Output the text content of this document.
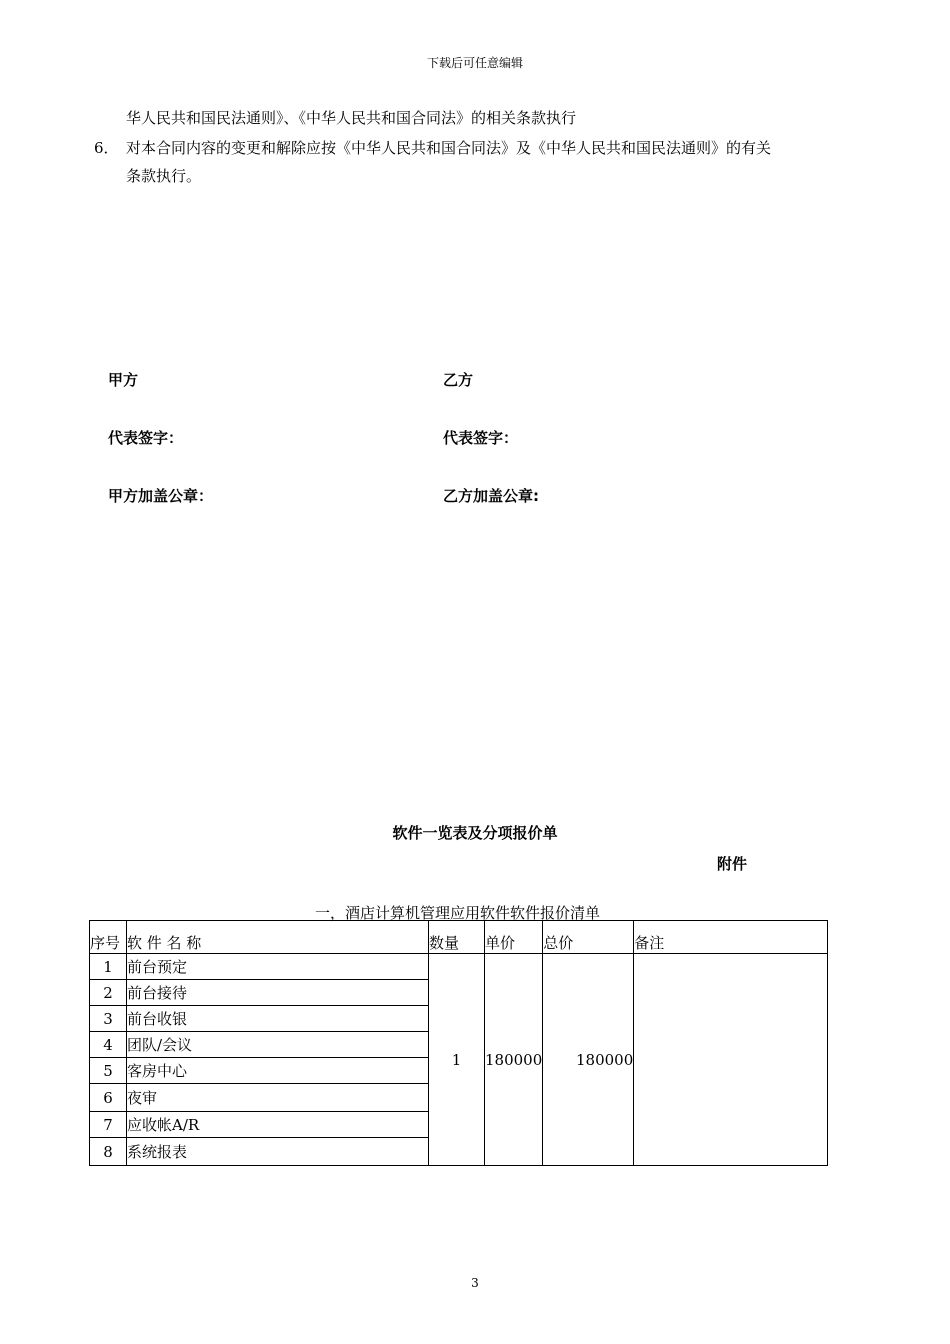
下载后可任意编辑
华人民共和国民法通则》、《中华人民共和国合同法》的相关条款执行
6． 对本合同内容的变更和解除应按《中华人民共和国合同法》及《中华人民共和国民法通则》的有关
条款执行。
甲方	乙方
代表签字：	代表签字：
甲方加盖公章：	乙方加盖公章:
软件一览表及分项报价单
附件
一，酒店计算机管理应用软件软件报价清单
序号	软 件 名 称	数量	单价	总价	备注
1	前台预定	1	180000	180000	
2	前台接待				
3	前台收银				
4	团队/会议				
5	客房中心				
6	夜审				
7	应收帐A/R				
8	系统报表				
3
